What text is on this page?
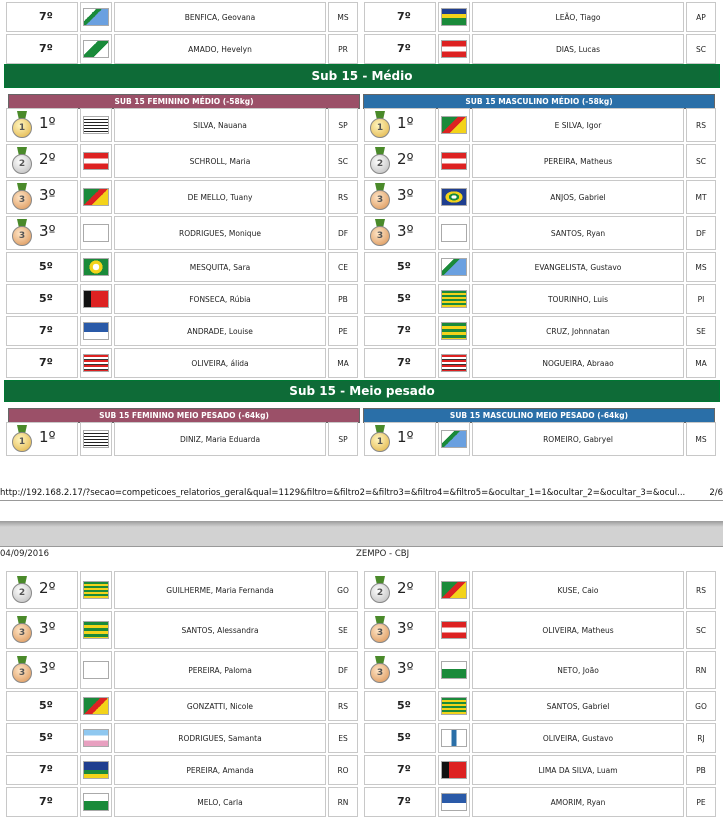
7º		BENFICA, Geovana	MS
7º		AMADO, Hevelyn	PR
7º		LEÃO, Tiago	AP
7º		DIAS, Lucas	SC
Sub 15 - Médio
SUB 15 FEMININO MÉDIO (-58kg)	SUB 15 MASCULINO MÉDIO (-58kg)
1 1º		SILVA, Nauana	SP

2 2º		SCHROLL, Maria	SC

3 3º		DE MELLO, Tuany	RS

3 3º		RODRIGUES, Monique	DF
5º		MESQUITA, Sara	CE
5º		FONSECA, Rúbia	PB
7º		ANDRADE, Louise	PE
7º		OLIVEIRA, álida	MA
1 1º		E SILVA, Igor	RS

2 2º		PEREIRA, Matheus	SC

3 3º		ANJOS, Gabriel	MT

3 3º		SANTOS, Ryan	DF
5º		EVANGELISTA, Gustavo	MS
5º		TOURINHO, Luis	PI
7º		CRUZ, Johnnatan	SE
7º		NOGUEIRA, Abraao	MA
Sub 15 - Meio pesado
SUB 15 FEMININO MEIO PESADO (-64kg)	SUB 15 MASCULINO MEIO PESADO (-64kg)
1 1º		DINIZ, Maria Eduarda	SP	1 1º		ROMEIRO, Gabryel	MS
http://192.168.2.17/?secao=competicoes_relatorios_geral&qual=1129&filtro=&filtro2=&filtro3=&filtro4=&filtro5=&ocultar_1=1&ocultar_2=&ocultar_3=&ocul...	2/6
2 2º		GUILHERME, Maria Fernanda	GO

3 3º		SANTOS, Alessandra	SE

3 3º		PEREIRA, Paloma	DF
5º		GONZATTI, Nicole	RS
5º		RODRIGUES, Samanta	ES
7º		PEREIRA, Amanda	RO
7º		MELO, Carla	RN
2 2º		KUSE, Caio	RS

3 3º		OLIVEIRA, Matheus	SC

3 3º		NETO, João	RN
5º		SANTOS, Gabriel	GO
5º		OLIVEIRA, Gustavo	RJ
7º		LIMA DA SILVA, Luam	PB
7º		AMORIM, Ryan	PE
04/09/2016	ZEMPO - CBJ
